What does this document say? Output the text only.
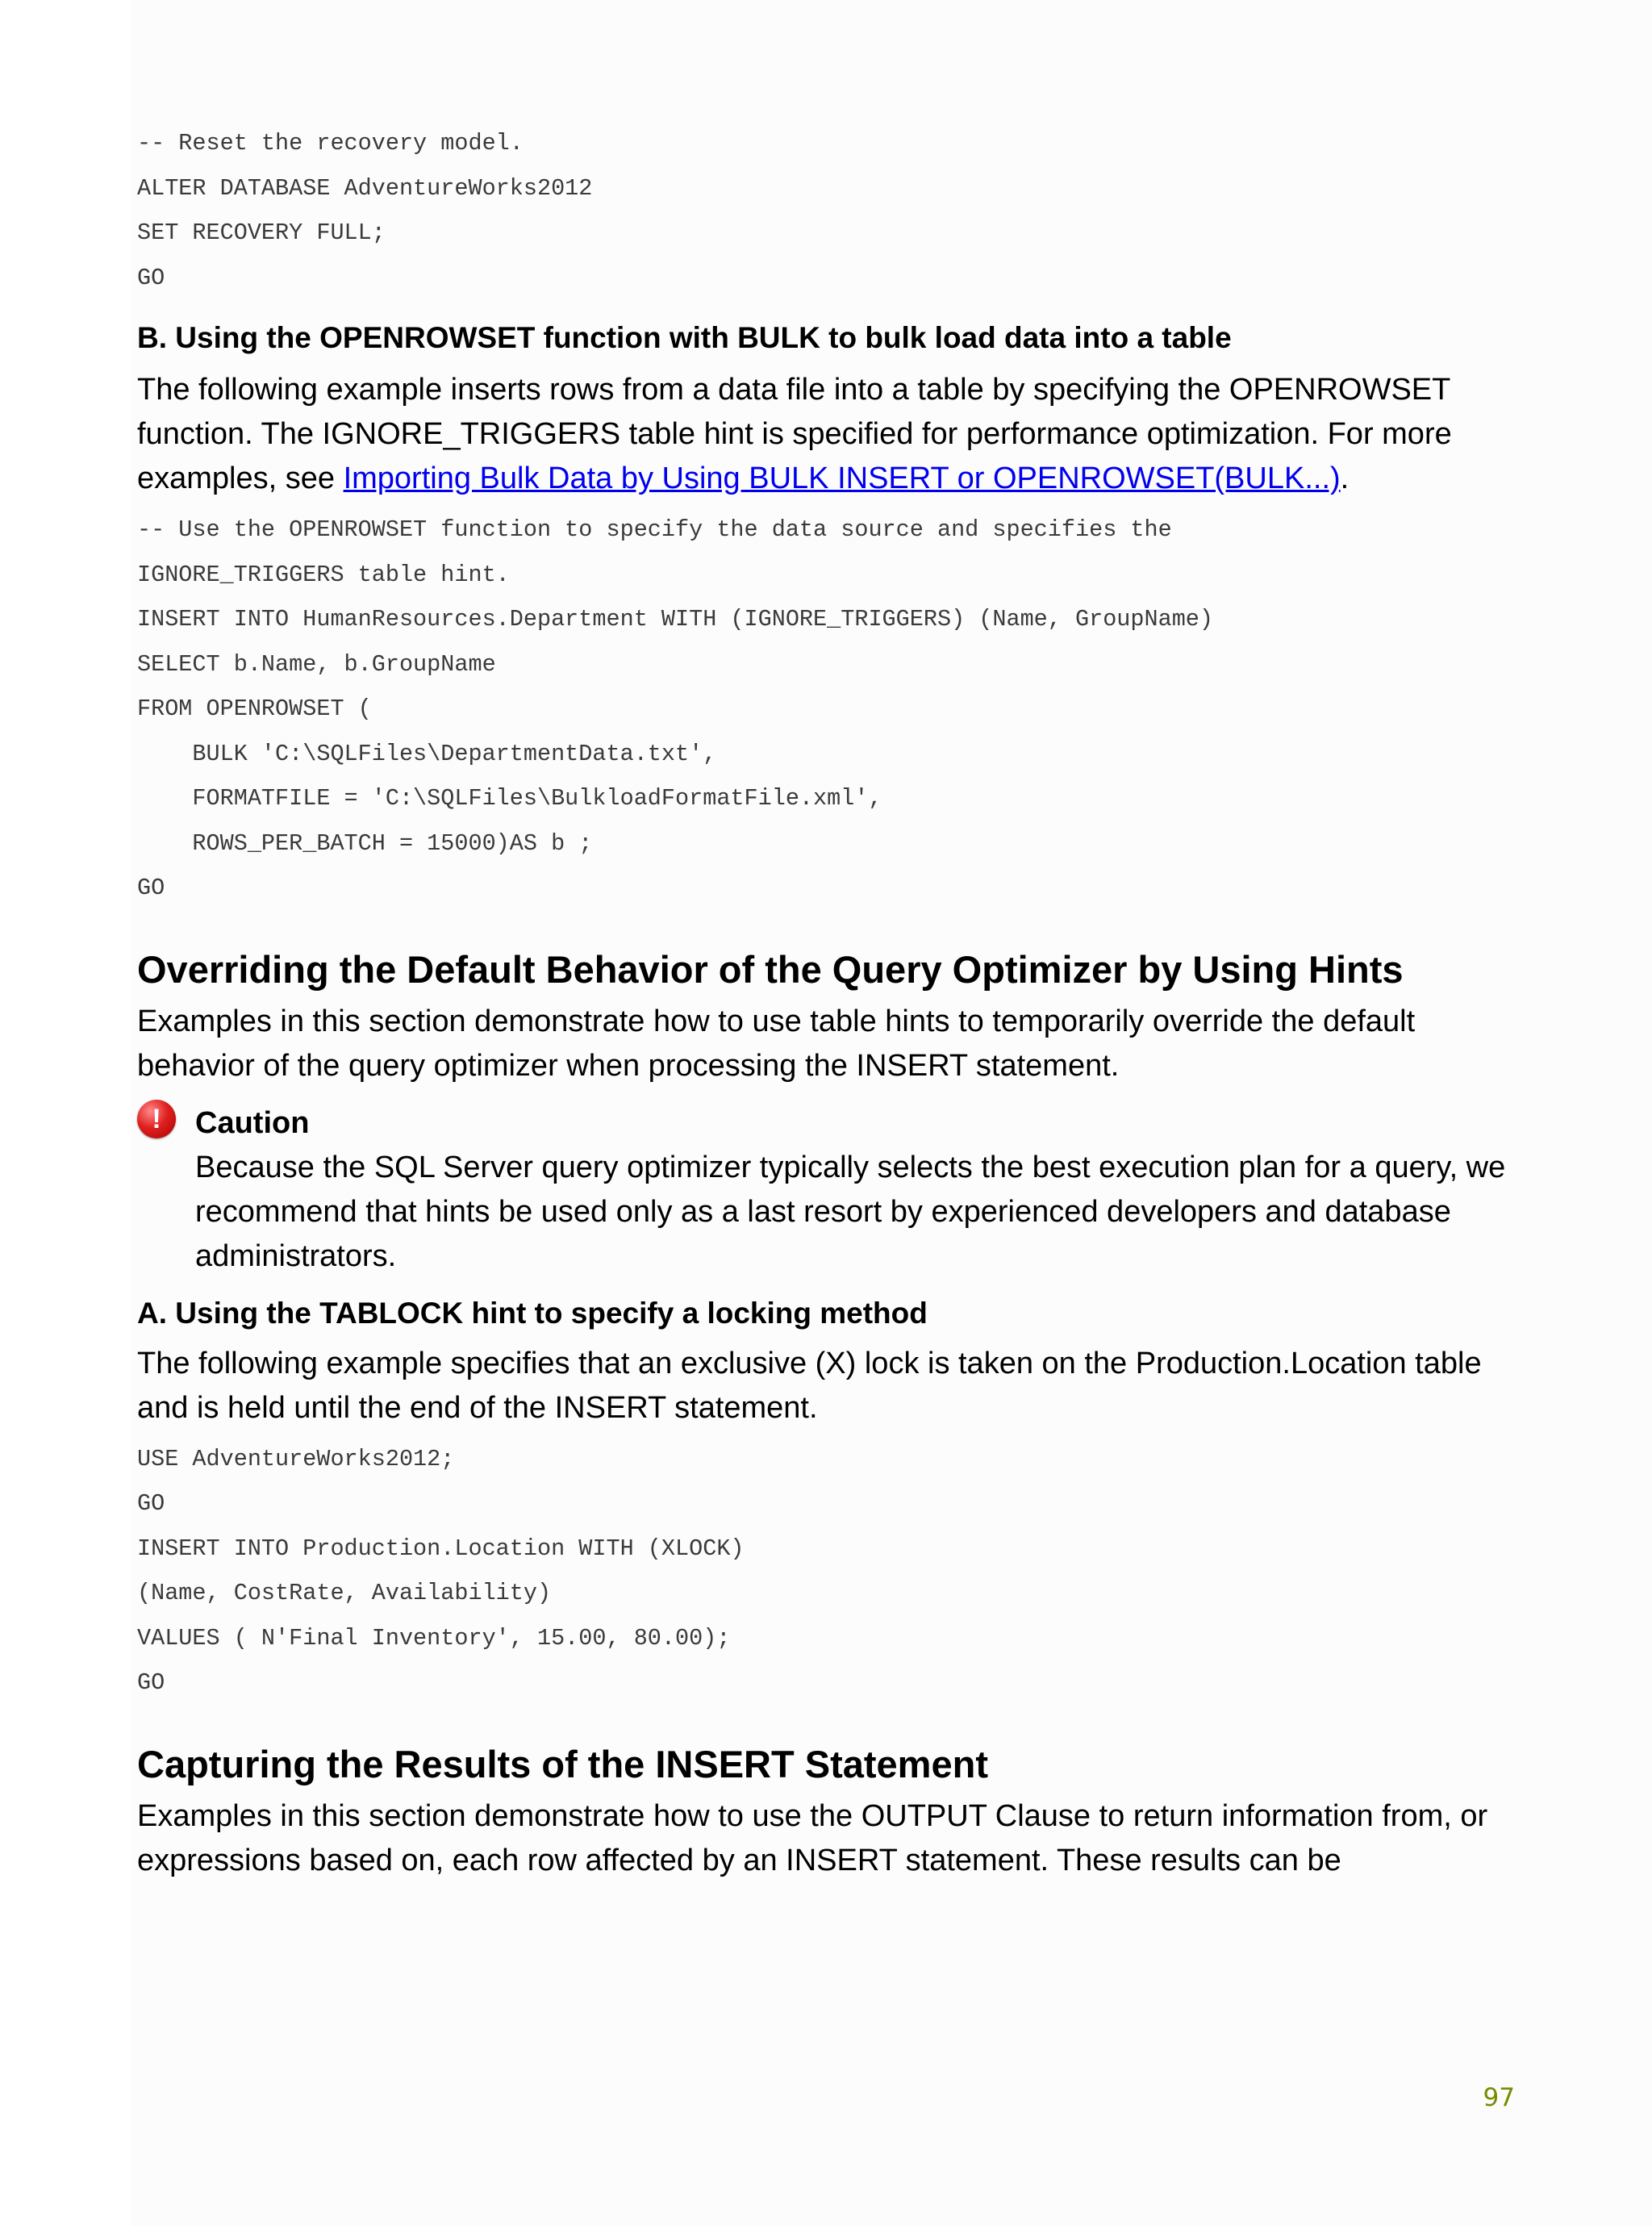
-- Reset the recovery model.
ALTER DATABASE AdventureWorks2012
SET RECOVERY FULL;
GO
B. Using the OPENROWSET function with BULK to bulk load data into a table

The following example inserts rows from a data file into a table by specifying the OPENROWSET function. The IGNORE_TRIGGERS table hint is specified for performance optimization. For more examples, see Importing Bulk Data by Using BULK INSERT or OPENROWSET(BULK...).

-- Use the OPENROWSET function to specify the data source and specifies the
IGNORE_TRIGGERS table hint.
INSERT INTO HumanResources.Department WITH (IGNORE_TRIGGERS) (Name, GroupName)
SELECT b.Name, b.GroupName
FROM OPENROWSET (
BULK 'C:\SQLFiles\DepartmentData.txt',
FORMATFILE = 'C:\SQLFiles\BulkloadFormatFile.xml',
ROWS_PER_BATCH = 15000)AS b ;
GO
Overriding the Default Behavior of the Query Optimizer by Using Hints

Examples in this section demonstrate how to use table hints to temporarily override the default behavior of the query optimizer when processing the INSERT statement.

!	Caution

Because the SQL Server query optimizer typically selects the best execution plan for a query, we recommend that hints be used only as a last resort by experienced developers and database administrators.

A. Using the TABLOCK hint to specify a locking method

The following example specifies that an exclusive (X) lock is taken on the Production.Location table and is held until the end of the INSERT statement.

USE AdventureWorks2012;
GO
INSERT INTO Production.Location WITH (XLOCK)
(Name, CostRate, Availability)
VALUES ( N'Final Inventory', 15.00, 80.00);
GO
Capturing the Results of the INSERT Statement

Examples in this section demonstrate how to use the OUTPUT Clause to return information from, or expressions based on, each row affected by an INSERT statement. These results can be

97
